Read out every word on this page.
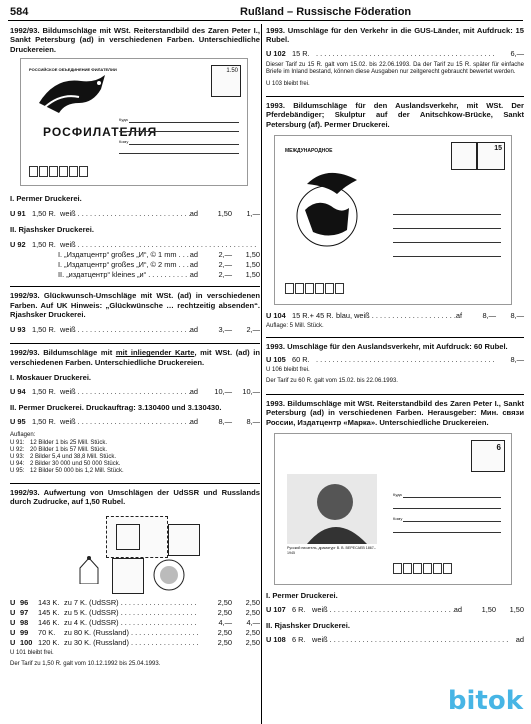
584	Rußland – Russische Föderation
1992/93. Bildumschläge mit WSt. Reiterstandbild des Zaren Peter I., Sankt Petersburg (ad) in verschiedenen Farben. Unterschiedliche Druckereien.
РОССИЙСКОЕ ОБЪЕДИНЕНИЕ ФИЛАТЕЛИИ
РОСФИЛАТЕЛИЯ
1.50
Куда
Кому
I. Permer Druckerei.
U 91 1,50 R. weiß . . .	ad	1,50	1,—
II. Rjashsker Druckerei.
U 92 1,50 R. weiß . . .
I. „Издатцентр“ großes „И“, © 1 mm . . .	ad	2,—	1,50
I. „Издатцентр“ großes „И“, © 2 mm . . .	ad	2,—	1,50
II. „издатцентр“ kleines „и“ . . .	ad	2,—	1,50
1992/93. Glückwunsch-Umschläge mit WSt. (ad) in verschiedenen Farben. Auf UK Hinweis: „Glückwünsche … rechtzeitig absenden“. Rjashsker Druckerei.
U 93 1,50 R. weiß . . .	ad	3,—	2,—
1992/93. Bildumschläge mit mit inliegender Karte, mit WSt. (ad) in verschiedenen Farben. Unterschiedliche Druckereien.
I. Moskauer Druckerei.
U 94 1,50 R. weiß . . .	ad	10,—	10,—
II. Permer Druckerei. Druckauftrag: 3.130400 und 3.130430.
U 95 1,50 R. weiß . . .	ad	8,—	8,—
Auflagen:
U 91: 12 Bilder 1 bis 25 Mill. Stück.
U 92: 20 Bilder 1 bis 57 Mill. Stück.
U 93: 2 Bilder 5,4 und 38,8 Mill. Stück.
U 94: 2 Bilder 30 000 und 50 000 Stück.
U 95: 12 Bilder 50 000 bis 1,2 Mill. Stück.
1992/93. Aufwertung von Umschlägen der UdSSR und Russlands durch Zudrucke, auf 1,50 Rubel.
U 96	143 K. zu 7 K. (UdSSR) . . .	2,50	2,50
U 97	145 K. zu 5 K. (UdSSR) . . .	2,50	2,50
U 98	146 K. zu 4 K. (UdSSR) . . .	4,—	4,—
U 99	70 K.	zu 80 K. (Russland) . . .	2,50	2,50
U 100 120 K. zu 30 K. (Russland) . . .	2,50	2,50
U 101 bleibt frei.
Der Tarif zu 1,50 R. galt vom 10.12.1992 bis 25.04.1993.
1993. Umschläge für den Verkehr in die GUS-Länder, mit Aufdruck: 15 Rubel.
U 102 15 R. . . .	6,—
Dieser Tarif zu 15 R. galt vom 15.02. bis 22.06.1993. Da der Tarif zu 15 R. später für einfache Briefe im Inland bestand, können diese Ausgaben nur zeitgerecht gebraucht bewertet werden.
U 103 bleibt frei.
1993. Bildumschläge für den Auslandsverkehr, mit WSt. Der Pferdebändiger; Skulptur auf der Anitschkow-Brücke, Sankt Petersburg (af). Permer Druckerei.
МЕЖДУНАРОДНОЕ	15
U 104 15 R.+ 45 R. blau, weiß . . .	af	8,—	8,—
Auflage: 5 Mill. Stück.
1993. Umschläge für den Auslandsverkehr, mit Aufdruck: 60 Rubel.
U 105 60 R. . . .	8,—
U 106 bleibt frei.
Der Tarif zu 60 R. galt vom 15.02. bis 22.06.1993.
1993. Bildumschläge mit WSt. Reiterstandbild des Zaren Peter I., Sankt Petersburg (ad) in verschiedenen Farben. Herausgeber: Мин. связи России, Издатцентр «Марка». Unterschiedliche Druckereien.
6
Русский писатель, драматург В. В. ВЕРЕСАЕВ 1867–1945
Куда
Кому
I. Permer Druckerei.
U 107 6 R. weiß . . .	ad	1,50	1,50
II. Rjashsker Druckerei.
U 108 6 R. weiß . . .	ad
bitok
